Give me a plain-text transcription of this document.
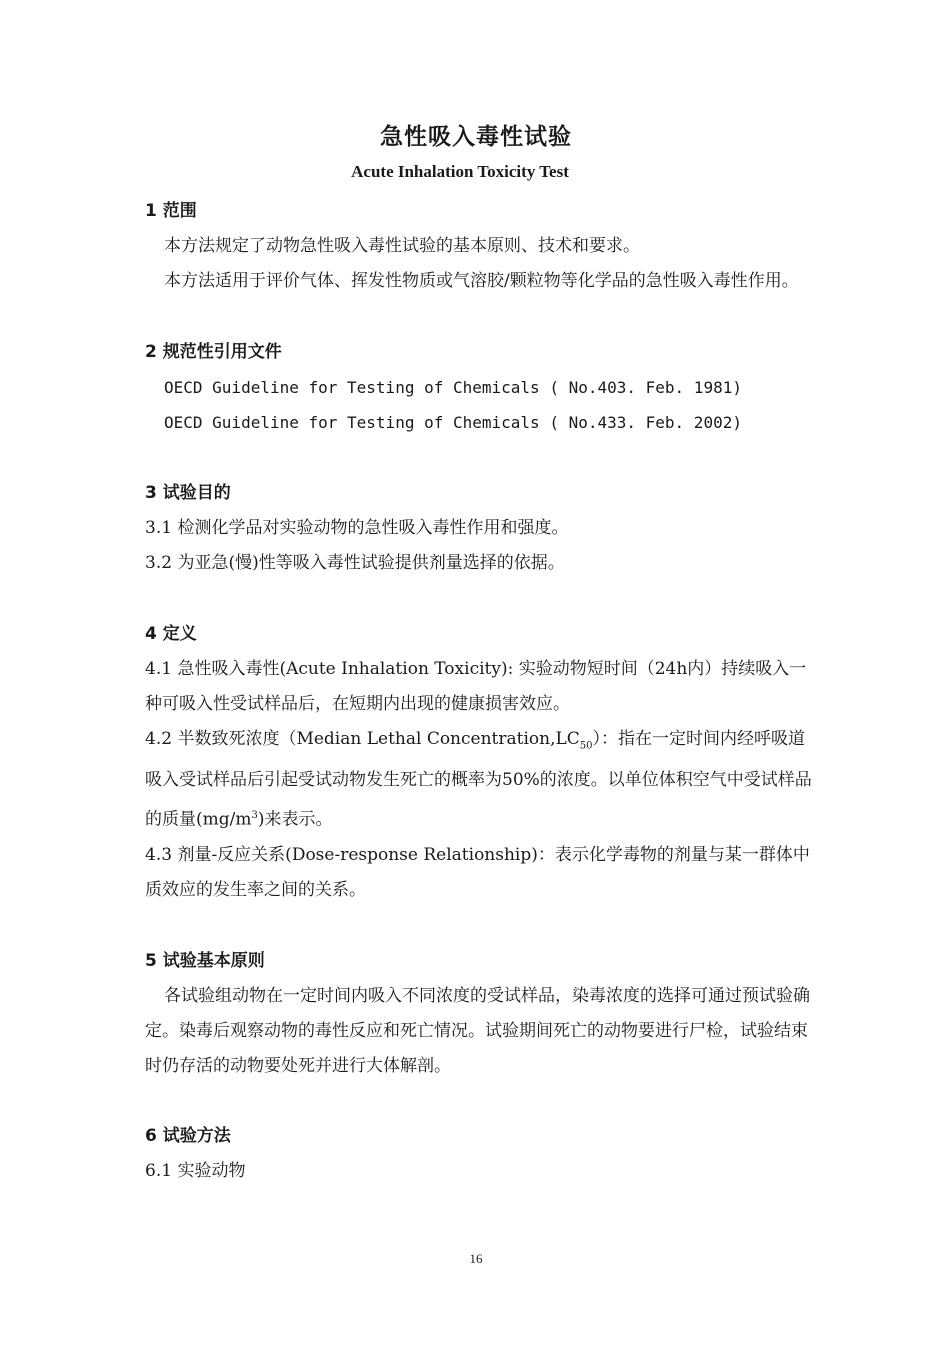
急性吸入毒性试验
Acute Inhalation Toxicity Test
1 范围
本方法规定了动物急性吸入毒性试验的基本原则、技术和要求。
本方法适用于评价气体、挥发性物质或气溶胶/颗粒物等化学品的急性吸入毒性作用。
2 规范性引用文件
OECD Guideline for Testing of Chemicals ( No.403. Feb. 1981)
OECD Guideline for Testing of Chemicals ( No.433. Feb. 2002)
3 试验目的
3.1 检测化学品对实验动物的急性吸入毒性作用和强度。
3.2 为亚急(慢)性等吸入毒性试验提供剂量选择的依据。
4 定义
4.1 急性吸入毒性(Acute Inhalation Toxicity): 实验动物短时间（24h内）持续吸入一种可吸入性受试样品后，在短期内出现的健康损害效应。
4.2 半数致死浓度（Median Lethal $Concentration,LC_{50}$）：指在一定时间内经呼吸道吸入受试样品后引起受试动物发生死亡的概率为50%的浓度。以单位体积空气中受试样品的质量$(mg/m^3)$来表示。
4.3 剂量-反应关系(Dose-response Relationship)：表示化学毒物的剂量与某一群体中质效应的发生率之间的关系。
5 试验基本原则
各试验组动物在一定时间内吸入不同浓度的受试样品，染毒浓度的选择可通过预试验确定。染毒后观察动物的毒性反应和死亡情况。试验期间死亡的动物要进行尸检，试验结束时仍存活的动物要处死并进行大体解剖。
6 试验方法
6.1 实验动物
16
